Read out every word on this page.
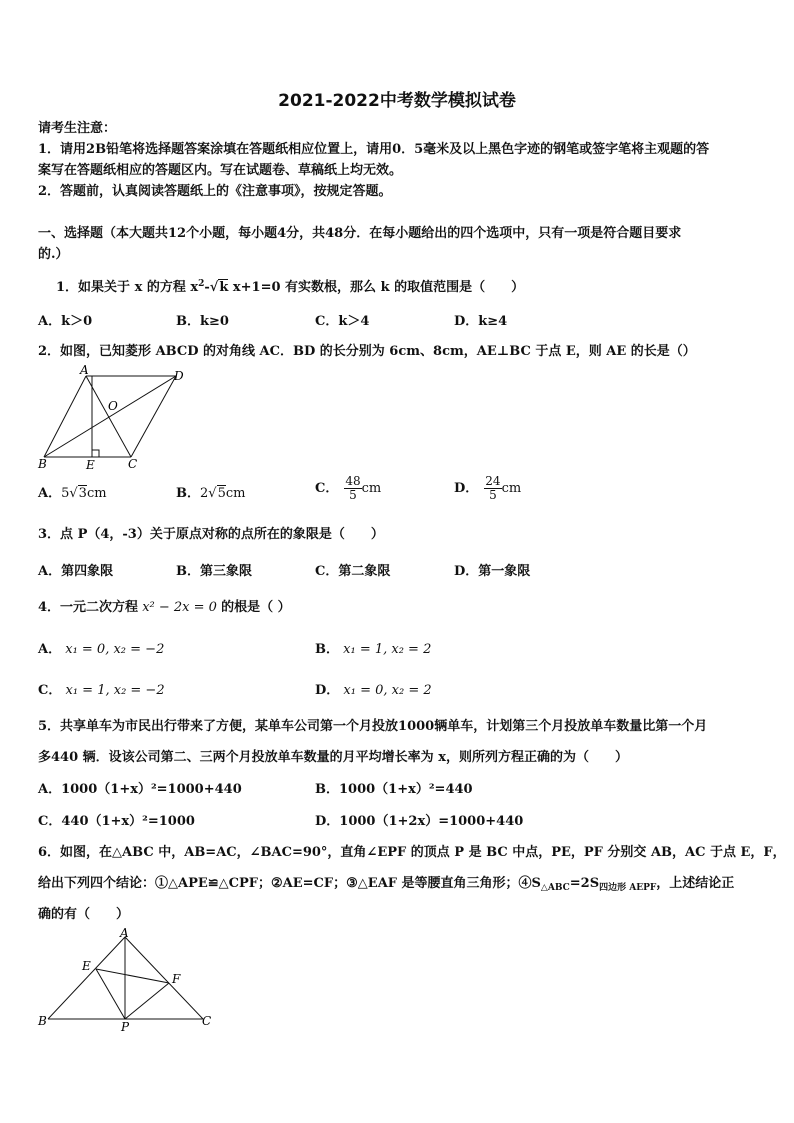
2021-2022中考数学模拟试卷
请考生注意：
1．请用2B铅笔将选择题答案涂填在答题纸相应位置上，请用0．5毫米及以上黑色字迹的钢笔或签字笔将主观题的答
案写在答题纸相应的答题区内。写在试题卷、草稿纸上均无效。
2．答题前，认真阅读答题纸上的《注意事项》，按规定答题。
一、选择题（本大题共12个小题，每小题4分，共48分．在每小题给出的四个选项中，只有一项是符合题目要求
的.）
1．如果关于 x 的方程 $x^2-√k$ x+1=0 有实数根，那么 k 的取值范围是（　　）
A．k＞0	B．k≥0	C．k＞4	D．k≥4
2．如图，已知菱形 ABCD 的对角线 AC．BD 的长分别为 6cm、8cm，AE⊥BC 于点 E，则 AE 的长是（）
A	D
O
B	E	C
A．5√3cm	B．2√5cm	C． $\frac{48}{5}$ cm	D． $\frac{24}{5}$ cm
3．点 P（4，-3）关于原点对称的点所在的象限是（　　）
A．第四象限	B．第三象限	C．第二象限	D．第一象限
4．一元二次方程 x² − 2x = 0 的根是（ ）
A． x₁ = 0, x₂ = −2	B． x₁ = 1, x₂ = 2
C． x₁ = 1, x₂ = −2	D． x₁ = 0, x₂ = 2
5．共享单车为市民出行带来了方便，某单车公司第一个月投放1000辆单车，计划第三个月投放单车数量比第一个月
多440 辆．设该公司第二、三两个月投放单车数量的月平均增长率为 x，则所列方程正确的为（　　）
A．1000（1+x）²=1000+440	B．1000（1+x）²=440
C．440（1+x）²=1000	D．1000（1+2x）=1000+440
6．如图，在△ABC 中，AB=AC，∠BAC=90°，直角∠EPF 的顶点 P 是 BC 中点，PE，PF 分别交 AB，AC 于点 E，F，
给出下列四个结论：①△APE≌△CPF；②AE=CF；③△EAF 是等腰直角三角形；$④S_{\triangle ABC}=2S_{四边形 AEPF}$，上述结论正
确的有（　　）
A
E
F
B	P	C
